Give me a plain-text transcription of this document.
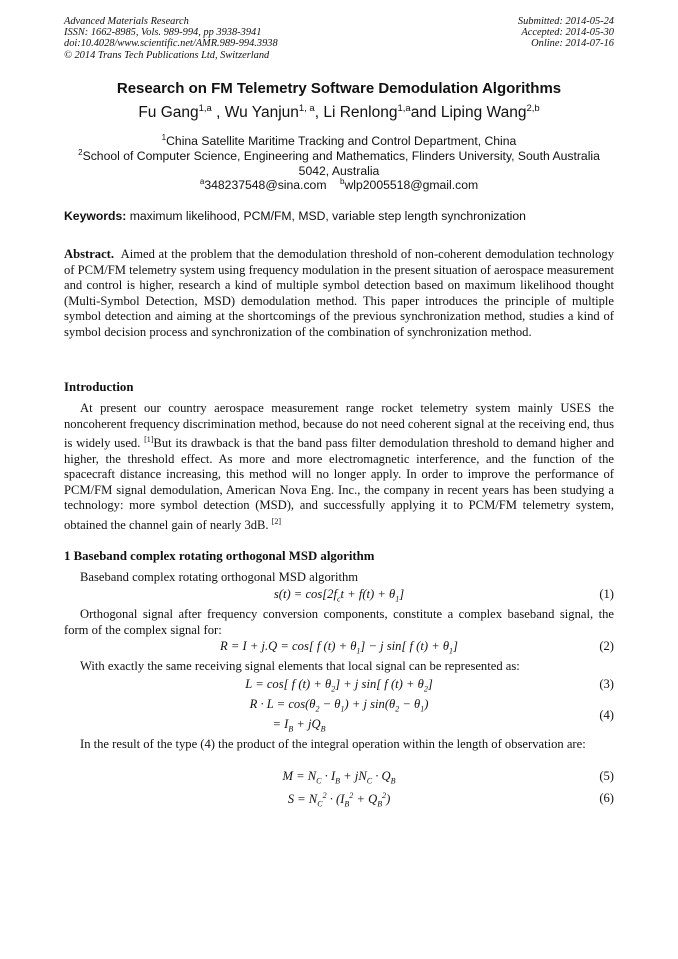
Advanced Materials Research
ISSN: 1662-8985, Vols. 989-994, pp 3938-3941
doi:10.4028/www.scientific.net/AMR.989-994.3938
© 2014 Trans Tech Publications Ltd, Switzerland
Submitted: 2014-05-24
Accepted: 2014-05-30
Online: 2014-07-16
Research on FM Telemetry Software Demodulation Algorithms
Fu Gang$^{1,a}$ , Wu Yanjun$^{1, a}$, Li Renlong$^{1,a}$and Liping Wang$^{2,b}$
$^1$China Satellite Maritime Tracking and Control Department, China
$^2$School of Computer Science, Engineering and Mathematics, Flinders University, South Australia 5042, Australia
$^a$348237548@sina.com $^b$wlp2005518@gmail.com
Keywords: maximum likelihood, PCM/FM, MSD, variable step length synchronization
Abstract. Aimed at the problem that the demodulation threshold of non-coherent demodulation technology of PCM/FM telemetry system using frequency modulation in the present situation of aerospace measurement and control is higher, research a kind of multiple symbol detection based on maximum likelihood thought (Multi-Symbol Detection, MSD) demodulation method. This paper introduces the principle of multiple symbol detection and aiming at the shortcomings of the previous synchronization method, studies a kind of symbol decision process and synchronization of the combination of synchronization method.
Introduction
At present our country aerospace measurement range rocket telemetry system mainly USES the noncoherent frequency discrimination method, because do not need coherent signal at the receiving end, thus is widely used. [1]But its drawback is that the band pass filter demodulation threshold to demand higher and higher, the threshold effect. As more and more electromagnetic interference, and the function of the spacecraft distance increasing, this method will no longer apply. In order to improve the performance of PCM/FM signal demodulation, American Nova Eng. Inc., the company in recent years has been studying a technology: more symbol detection (MSD), and successfully applying it to PCM/FM telemetry system, obtained the channel gain of nearly 3dB. [2]
1 Baseband complex rotating orthogonal MSD algorithm
Baseband complex rotating orthogonal MSD algorithm
$s(t) = \cos[2f_ct + f(t) + \theta_1]$	(1)
Orthogonal signal after frequency conversion components, constitute a complex baseband signal, the form of the complex signal for:
R = I + j.Q = cos[ f $(t) + \theta_1] - j$ sin[ f $(t) + \theta_1$]	(2)
With exactly the same receiving signal elements that local signal can be represented as:
L = cos[ f $(t) + \theta_2] + j$ sin[ f $(t) + \theta_2$]	(3)
$R \cdot L = \cos(\theta_2 - \theta_1) + j$ $\sin(\theta_2 - \theta_1)$
= $I_B + jQ_B$
(4)
In the result of the type (4) the product of the integral operation within the length of observation are:
$M = N_C \cdot I_B + jN_C \cdot Q_B$	(5)
$S = N_C^2 \cdot (I_B^2 + Q_B^2)$	(6)
